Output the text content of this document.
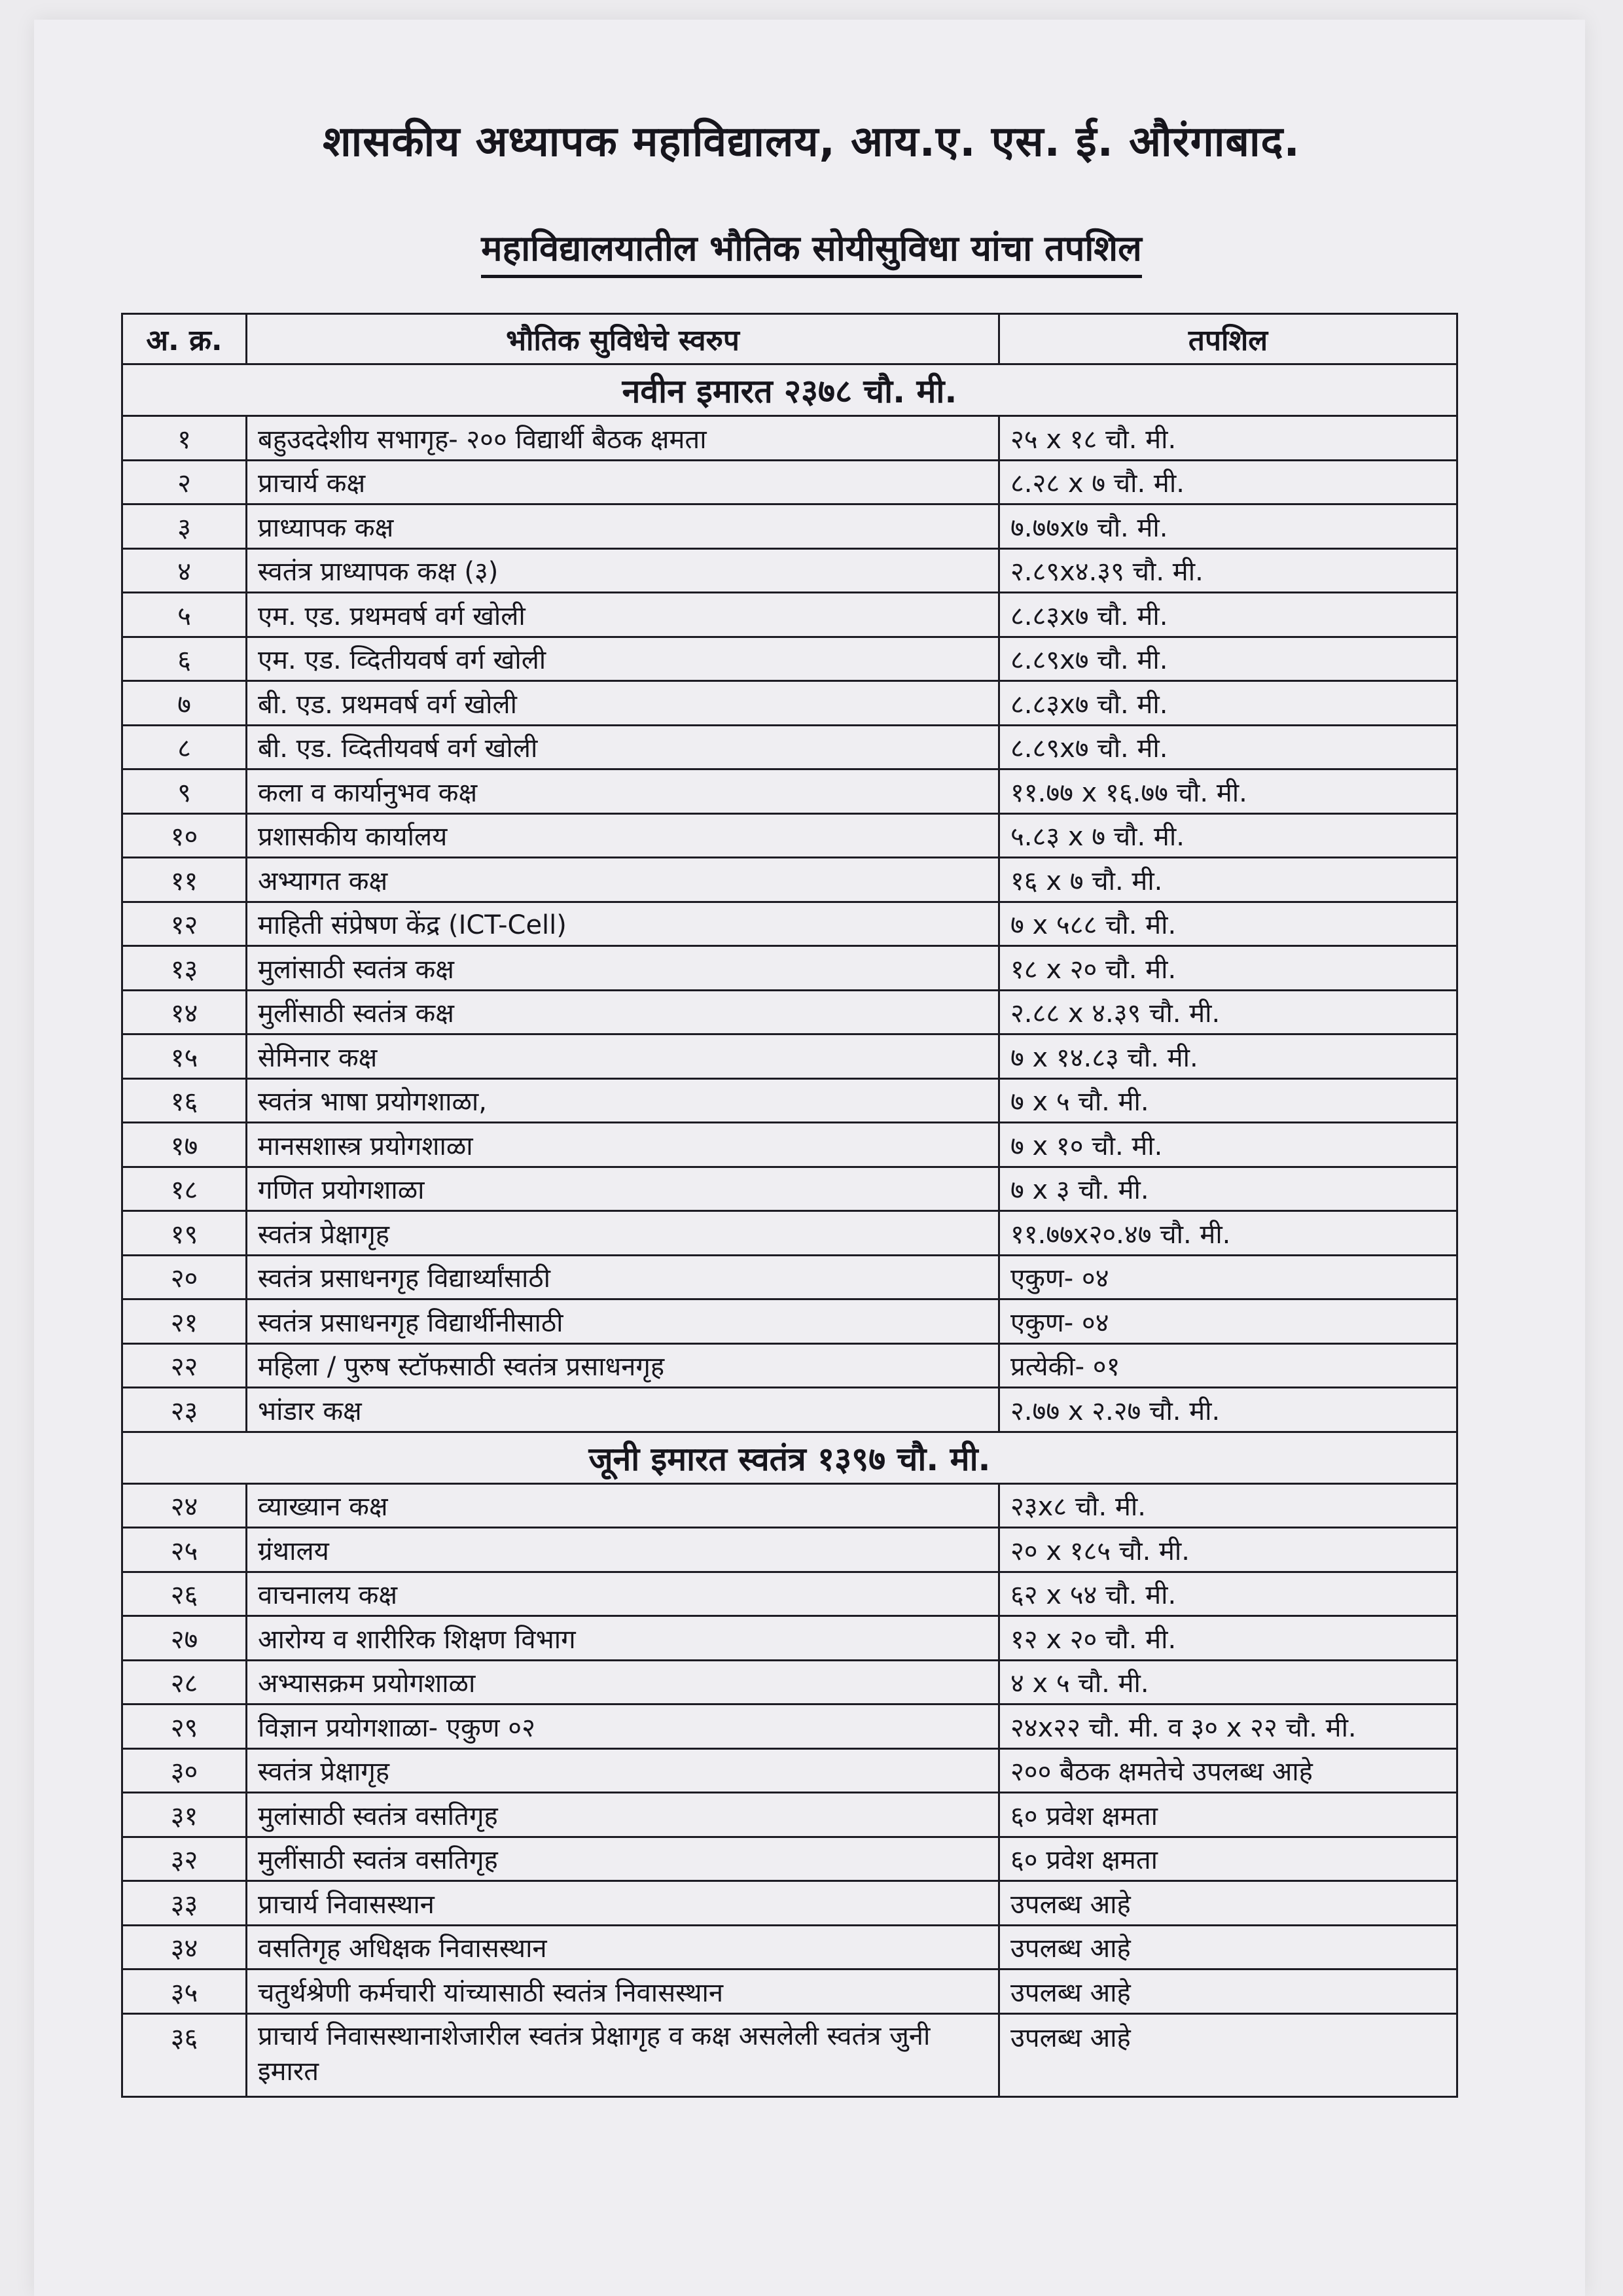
शासकीय अध्यापक महाविद्यालय, आय.ए. एस. ई. औरंगाबाद.
महाविद्यालयातील भौतिक सोयीसुविधा यांचा तपशिल
अ. क्र.	भौतिक सुविधेचे स्वरुप	तपशिल
नवीन इमारत २३७८ चौ. मी.		
१	बहुउददेशीय सभागृह- २०० विद्यार्थी बैठक क्षमता	२५ x १८ चौ. मी.
२	प्राचार्य कक्ष	८.२८ x ७ चौ. मी.
३	प्राध्यापक कक्ष	७.७७x७ चौ. मी.
४	स्वतंत्र प्राध्यापक कक्ष (३)	२.८९x४.३९ चौ. मी.
५	एम. एड. प्रथमवर्ष वर्ग खोली	८.८३x७ चौ. मी.
६	एम. एड. व्दितीयवर्ष वर्ग खोली	८.८९x७ चौ. मी.
७	बी. एड. प्रथमवर्ष वर्ग खोली	८.८३x७ चौ. मी.
८	बी. एड. व्दितीयवर्ष वर्ग खोली	८.८९x७ चौ. मी.
९	कला व कार्यानुभव कक्ष	११.७७ x १६.७७ चौ. मी.
१०	प्रशासकीय कार्यालय	५.८३ x ७ चौ. मी.
११	अभ्यागत कक्ष	१६ x ७ चौ. मी.
१२	माहिती संप्रेषण केंद्र (ICT-Cell)	७ x ५८८ चौ. मी.
१३	मुलांसाठी स्वतंत्र कक्ष	१८ x २० चौ. मी.
१४	मुलींसाठी स्वतंत्र कक्ष	२.८८ x ४.३९ चौ. मी.
१५	सेमिनार कक्ष	७ x १४.८३ चौ. मी.
१६	स्वतंत्र भाषा प्रयोगशाळा,	७ x ५ चौ. मी.
१७	मानसशास्त्र प्रयोगशाळा	७ x १० चौ. मी.
१८	गणित प्रयोगशाळा	७ x ३ चौ. मी.
१९	स्वतंत्र प्रेक्षागृह	११.७७x२०.४७ चौ. मी.
२०	स्वतंत्र प्रसाधनगृह विद्यार्थ्यांसाठी	एकुण- ०४
२१	स्वतंत्र प्रसाधनगृह विद्यार्थीनीसाठी	एकुण- ०४
२२	महिला / पुरुष स्टॉफसाठी स्वतंत्र प्रसाधनगृह	प्रत्येकी- ०१
२३	भांडार कक्ष	२.७७ x २.२७ चौ. मी.
जूनी इमारत स्वतंत्र १३९७ चौ. मी.		
२४	व्याख्यान कक्ष	२३x८ चौ. मी.
२५	ग्रंथालय	२० x १८५ चौ. मी.
२६	वाचनालय कक्ष	६२ x ५४ चौ. मी.
२७	आरोग्य व शारीरिक शिक्षण विभाग	१२ x २० चौ. मी.
२८	अभ्यासक्रम प्रयोगशाळा	४ x ५ चौ. मी.
२९	विज्ञान प्रयोगशाळा- एकुण ०२	२४x२२ चौ. मी. व ३० x २२ चौ. मी.
३०	स्वतंत्र प्रेक्षागृह	२०० बैठक क्षमतेचे उपलब्ध आहे
३१	मुलांसाठी स्वतंत्र वसतिगृह	६० प्रवेश क्षमता
३२	मुलींसाठी स्वतंत्र वसतिगृह	६० प्रवेश क्षमता
३३	प्राचार्य निवासस्थान	उपलब्ध आहे
३४	वसतिगृह अधिक्षक निवासस्थान	उपलब्ध आहे
३५	चतुर्थश्रेणी कर्मचारी यांच्यासाठी स्वतंत्र निवासस्थान	उपलब्ध आहे
३६	प्राचार्य निवासस्थानाशेजारील स्वतंत्र प्रेक्षागृह व कक्ष असलेली स्वतंत्र जुनी इमारत	उपलब्ध आहे
